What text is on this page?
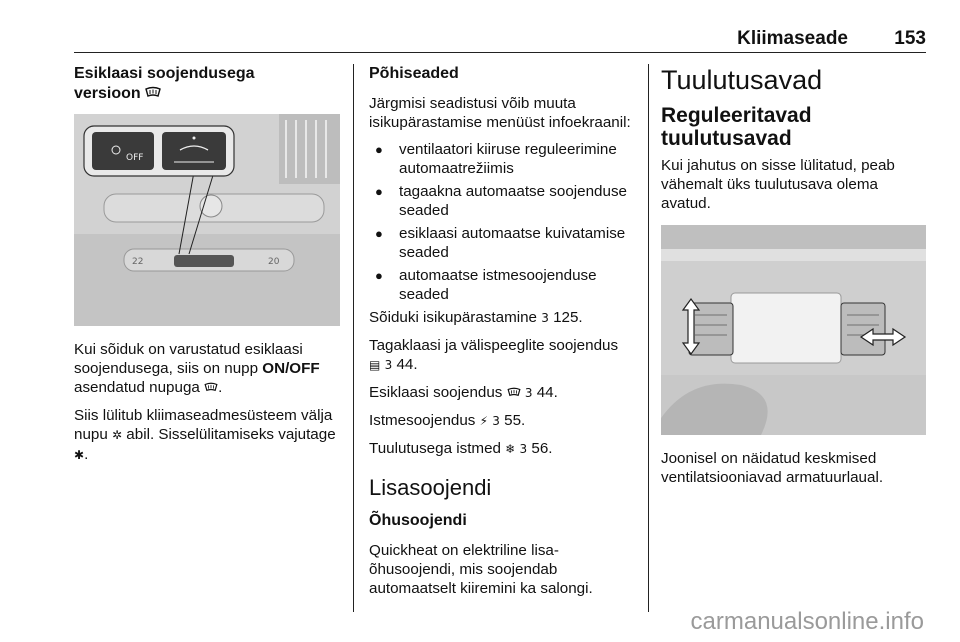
Kliimaseade 153
Esiklaasi soojendusega
versioon
22	20
OFF

Kui sõiduk on varustatud esiklaasi soojendusega, siis on nupp ON/OFF asendatud nupuga .

Siis lülitub kliimaseadmesüsteem välja nupu ✲ abil. Sisselülitamiseks vajutage ✱.

Põhiseaded

Järgmisi seadistusi võib muuta isikupärastamise menüüst infoekraanil:

● ventilaatori kiiruse reguleerimine automaatrežiimis
● tagaakna automaatse soojenduse seaded
● esiklaasi automaatse kuivatamise seaded
● automaatse istmesoojenduse seaded

Sõiduki isikupärastamine 3 125.

Tagaklaasi ja välispeeglite soojendus
▤ 3 44.

Esiklaasi soojendus  3 44.

Istmesoojendus ⚡ 3 55.

Tuulutusega istmed ❄ 3 56.

Lisasoojendi
Õhusoojendi

Quickheat on elektriline lisa-õhusoojendi, mis soojendab automaatselt kiiremini ka salongi.

Tuulutusavad
Reguleeritavad tuulutusavad

Kui jahutus on sisse lülitatud, peab vähemalt üks tuulutusava olema avatud.

Joonisel on näidatud keskmised ventilatsiooniavad armatuurlaual.

carmanualsonline.info
